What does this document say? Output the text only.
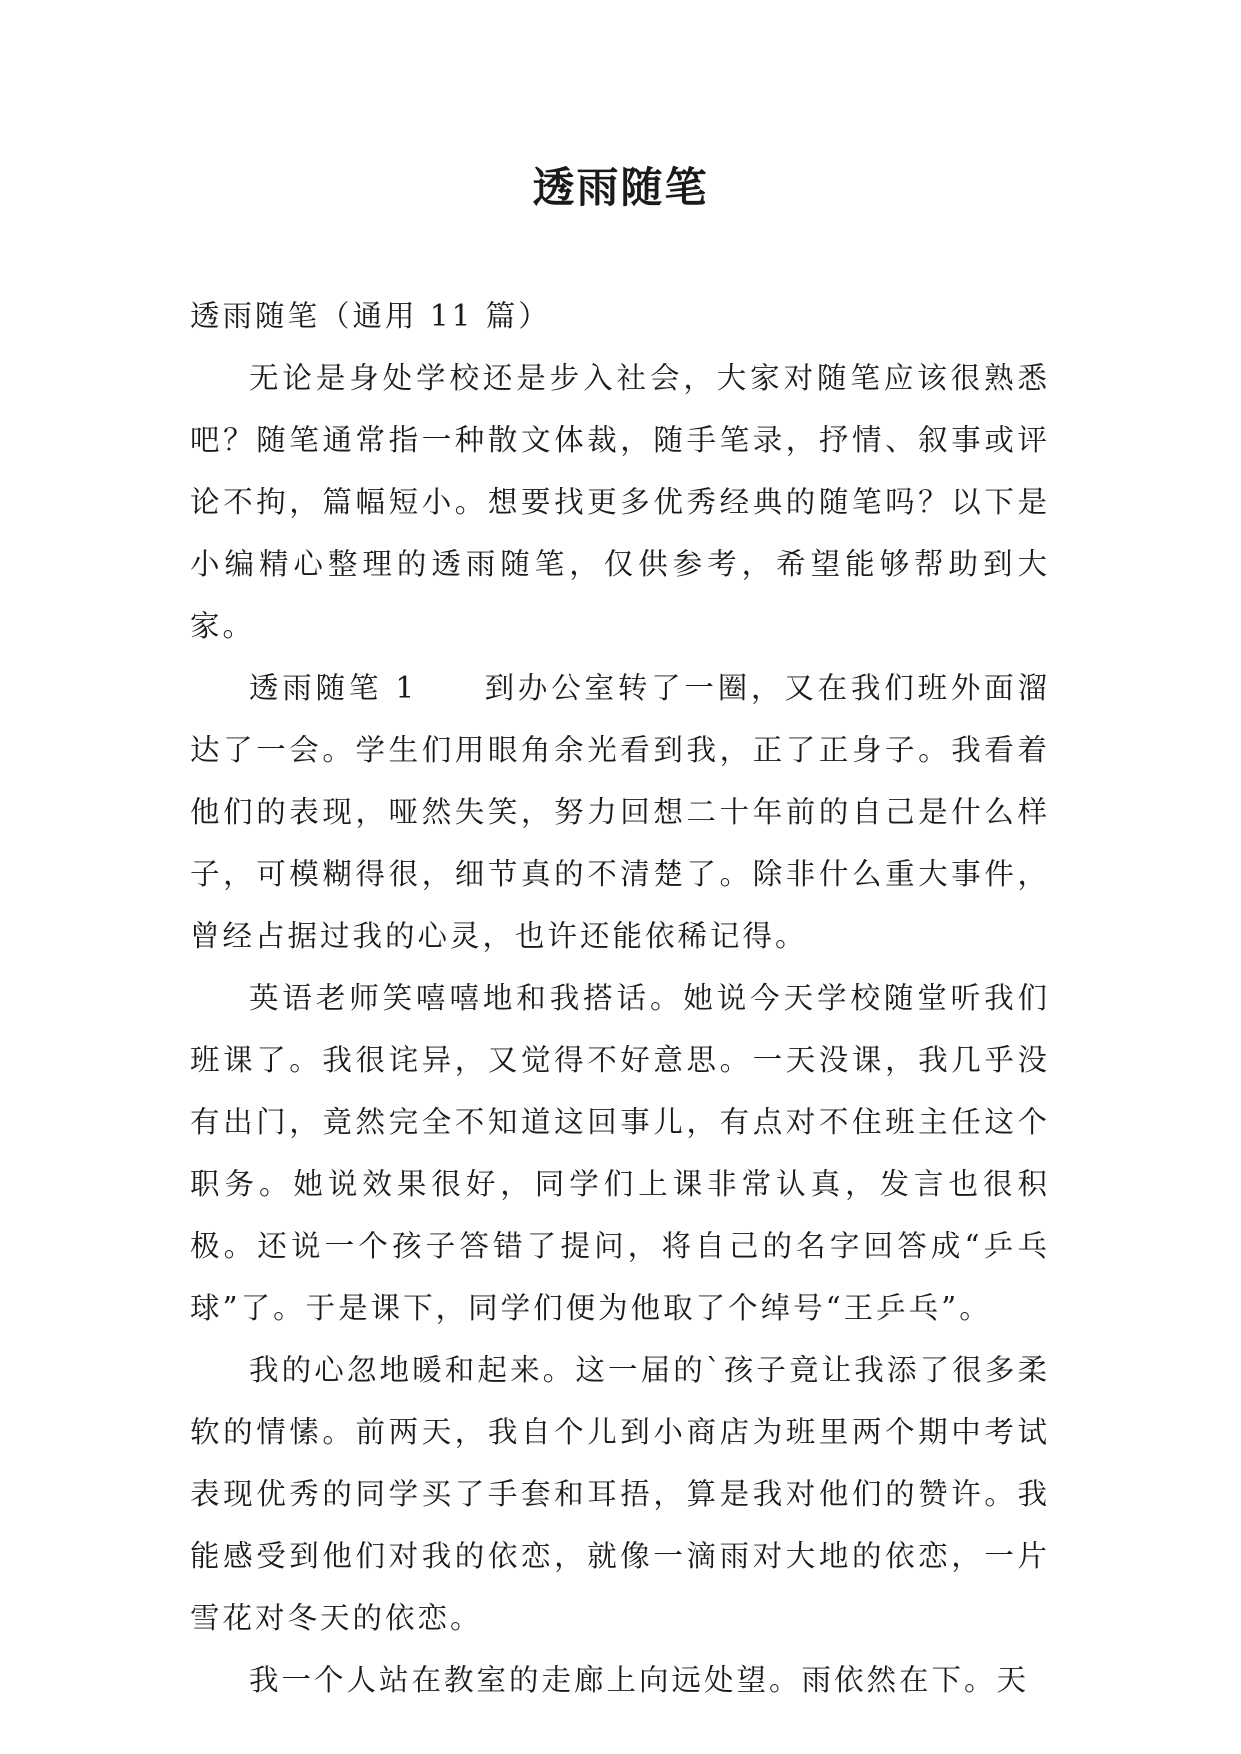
透雨随笔

透雨随笔（通用 11 篇）

无论是身处学校还是步入社会，大家对随笔应该很熟悉吧？随笔通常指一种散文体裁，随手笔录，抒情、叙事或评论不拘，篇幅短小。想要找更多优秀经典的随笔吗？以下是小编精心整理的透雨随笔，仅供参考，希望能够帮助到大家。

透雨随笔 1　　到办公室转了一圈，又在我们班外面溜达了一会。学生们用眼角余光看到我，正了正身子。我看着他们的表现，哑然失笑，努力回想二十年前的自己是什么样子，可模糊得很，细节真的不清楚了。除非什么重大事件，曾经占据过我的心灵，也许还能依稀记得。

英语老师笑嘻嘻地和我搭话。她说今天学校随堂听我们班课了。我很诧异，又觉得不好意思。一天没课，我几乎没有出门，竟然完全不知道这回事儿，有点对不住班主任这个职务。她说效果很好，同学们上课非常认真，发言也很积极。还说一个孩子答错了提问，将自己的名字回答成“乒乓球”了。于是课下，同学们便为他取了个绰号“王乒乓”。

我的心忽地暖和起来。这一届的`孩子竟让我添了很多柔软的情愫。前两天，我自个儿到小商店为班里两个期中考试表现优秀的同学买了手套和耳捂，算是我对他们的赞许。我能感受到他们对我的依恋，就像一滴雨对大地的依恋，一片雪花对冬天的依恋。

我一个人站在教室的走廊上向远处望。雨依然在下。天
